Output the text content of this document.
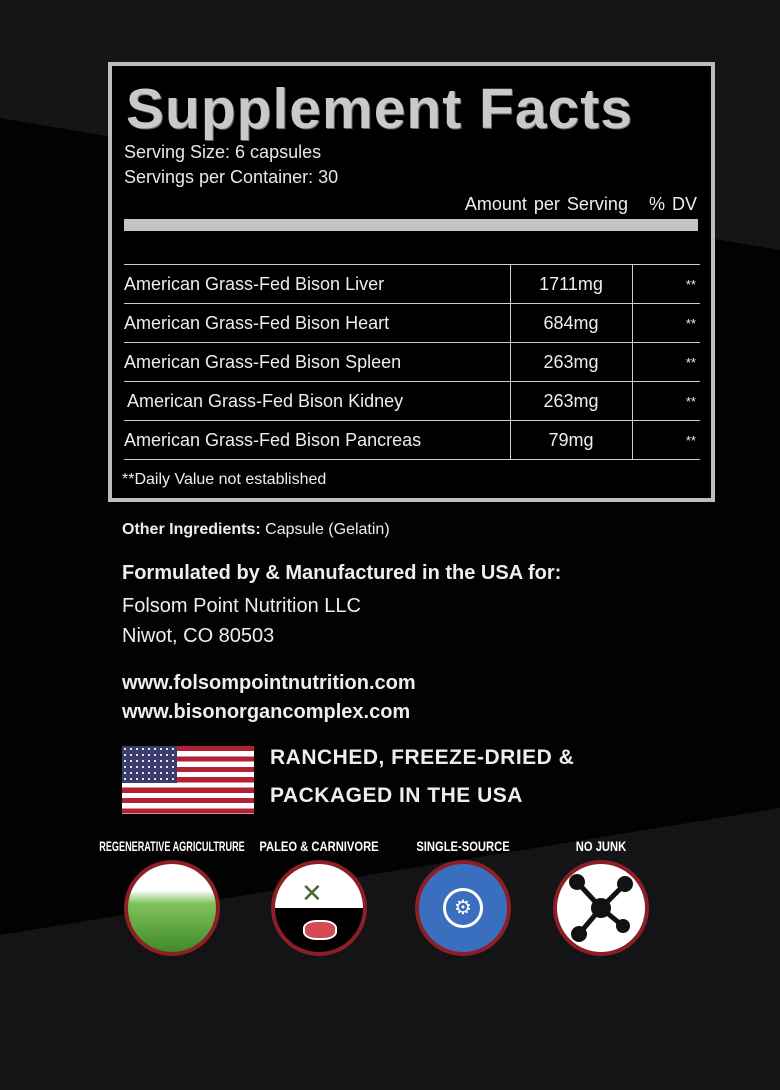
Supplement Facts
Serving Size: 6 capsules
Servings per Container: 30
Amount per Serving % DV
American Grass-Fed Bison Liver	1711mg	**
American Grass-Fed Bison Heart	684mg	**
American Grass-Fed Bison Spleen	263mg	**
American Grass-Fed Bison Kidney	263mg	**
American Grass-Fed Bison Pancreas	79mg	**
**Daily Value not established
Other Ingredients: Capsule (Gelatin)
Formulated by & Manufactured in the USA for:
Folsom Point Nutrition LLC
Niwot, CO 80503
www.folsompointnutrition.com
www.bisonorgancomplex.com
RANCHED, FREEZE-DRIED &
PACKAGED IN THE USA
REGENERATIVE AGRICULTRURE PALEO & CARNIVORE
✕
SINGLE-SOURCE
⚙
NO JUNK
